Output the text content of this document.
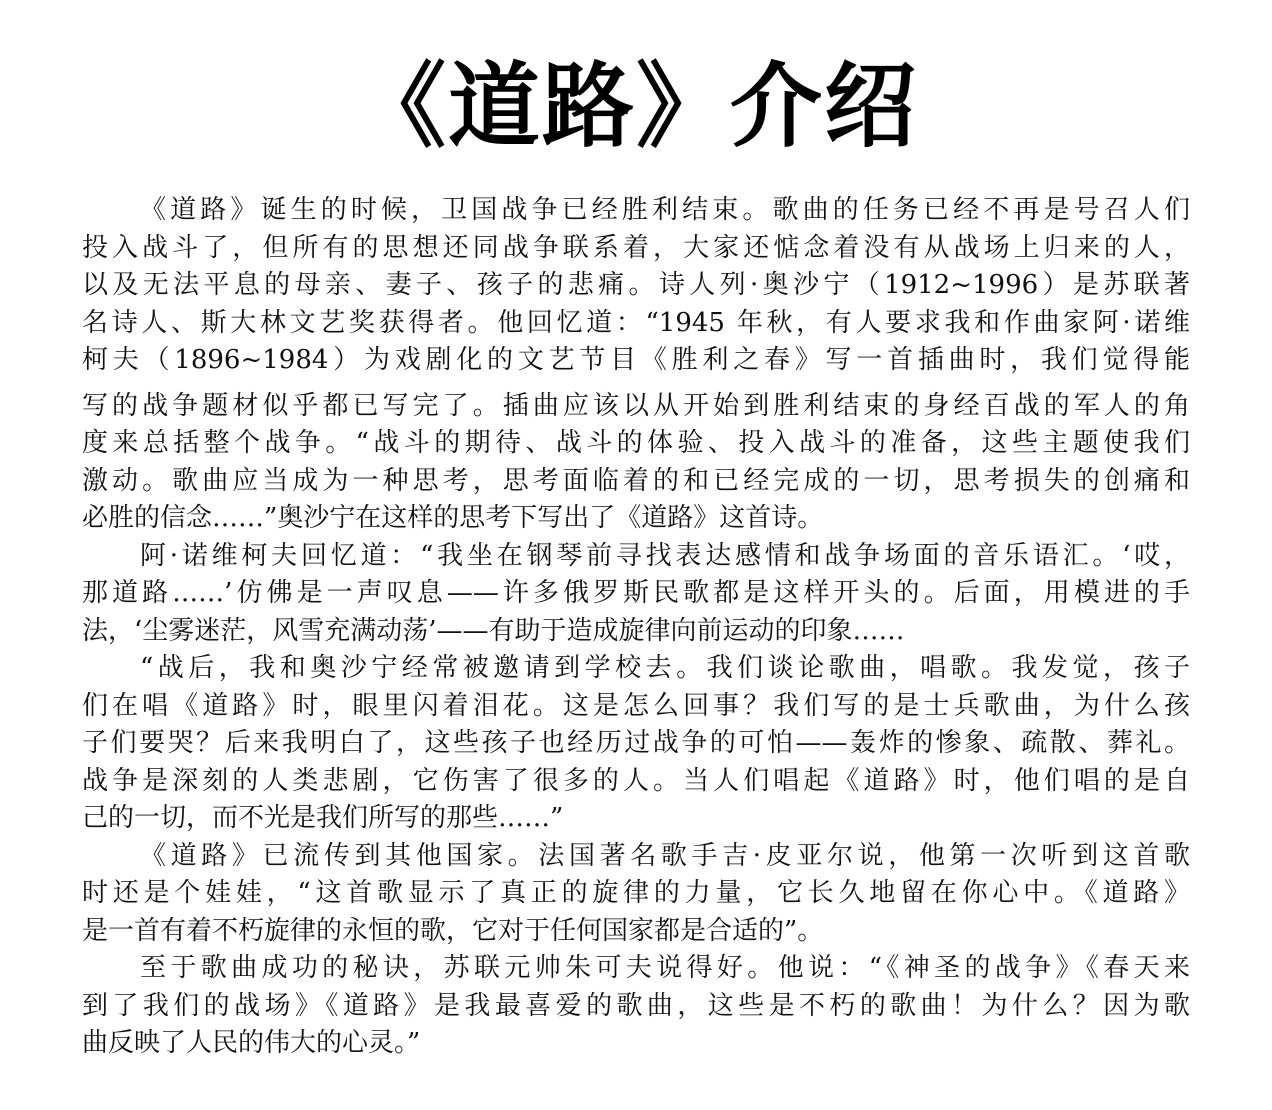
《道路》介绍
《道路》诞生的时候，卫国战争已经胜利结束。歌曲的任务已经不再是号召人们
投入战斗了，但所有的思想还同战争联系着，大家还惦念着没有从战场上归来的人，
以及无法平息的母亲、妻子、孩子的悲痛。诗人列·奥沙宁（1912~1996）是苏联著
名诗人、斯大林文艺奖获得者。他回忆道：“1945 年秋，有人要求我和作曲家阿·诺维
柯夫（1896~1984）为戏剧化的文艺节目《胜利之春》写一首插曲时，我们觉得能
写的战争题材似乎都已写完了。插曲应该以从开始到胜利结束的身经百战的军人的角
度来总括整个战争。“战斗的期待、战斗的体验、投入战斗的准备，这些主题使我们
激动。歌曲应当成为一种思考，思考面临着的和已经完成的一切，思考损失的创痛和
必胜的信念……”奥沙宁在这样的思考下写出了《道路》这首诗。
阿·诺维柯夫回忆道：“我坐在钢琴前寻找表达感情和战争场面的音乐语汇。‘哎，
那道路……’仿佛是一声叹息——许多俄罗斯民歌都是这样开头的。后面，用模进的手
法，‘尘雾迷茫，风雪充满动荡’——有助于造成旋律向前运动的印象……
“战后，我和奥沙宁经常被邀请到学校去。我们谈论歌曲，唱歌。我发觉，孩子
们在唱《道路》时，眼里闪着泪花。这是怎么回事？我们写的是士兵歌曲，为什么孩
子们要哭？后来我明白了，这些孩子也经历过战争的可怕——轰炸的惨象、疏散、葬礼。
战争是深刻的人类悲剧，它伤害了很多的人。当人们唱起《道路》时，他们唱的是自
己的一切，而不光是我们所写的那些……”
《道路》已流传到其他国家。法国著名歌手吉·皮亚尔说，他第一次听到这首歌
时还是个娃娃，“这首歌显示了真正的旋律的力量，它长久地留在你心中。《道路》
是一首有着不朽旋律的永恒的歌，它对于任何国家都是合适的”。
至于歌曲成功的秘诀，苏联元帅朱可夫说得好。他说：“《神圣的战争》《春天来
到了我们的战场》《道路》是我最喜爱的歌曲，这些是不朽的歌曲！为什么？因为歌
曲反映了人民的伟大的心灵。”
